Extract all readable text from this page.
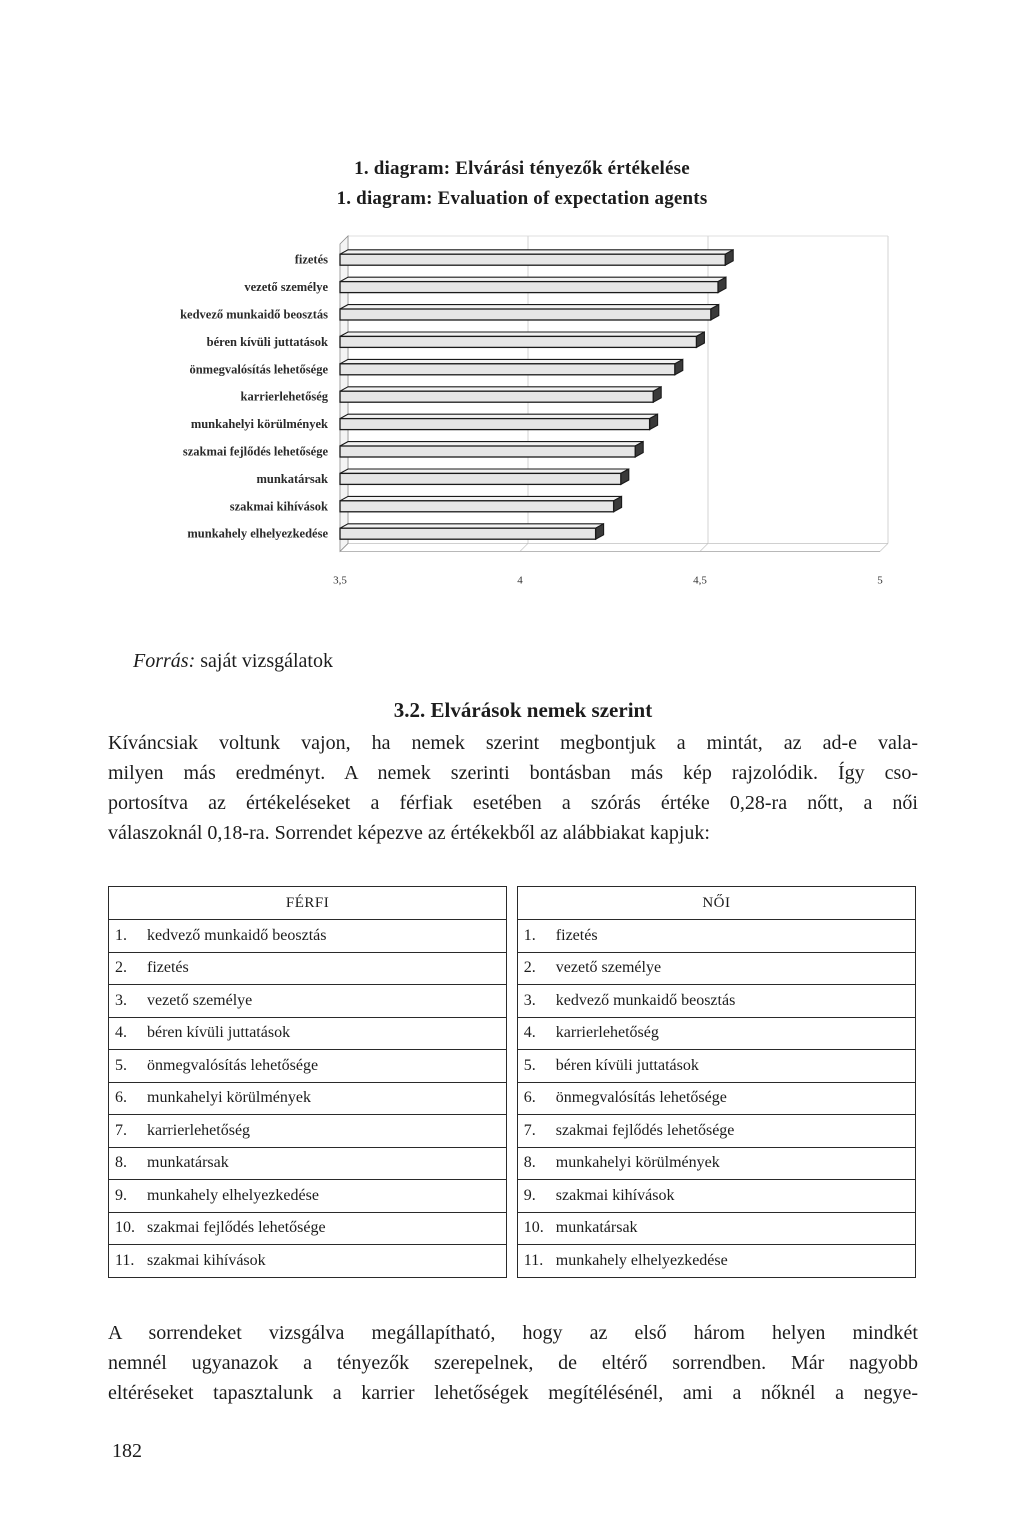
1. diagram: Elvárási tényezők értékelése
1. diagram: Evaluation of expectation agents
fizetés
vezető személye
kedvező munkaidő beosztás
béren kívüli juttatások
önmegvalósítás lehetősége
karrierlehetőség
munkahelyi körülmények
szakmai fejlődés lehetősége
munkatársak
szakmai kihívások
munkahely elhelyezkedése
3,5	4	4,5	5
Forrás: saját vizsgálatok
3.2. Elvárások nemek szerint
Kíváncsiak voltunk vajon, ha nemek szerint megbontjuk a mintát, az ad-e vala-
milyen más eredményt. A nemek szerinti bontásban más kép rajzolódik. Így cso-
portosítva az értékeléseket a férfiak esetében a szórás értéke 0,28-ra nőtt, a női
válaszoknál 0,18-ra. Sorrendet képezve az értékekből az alábbiakat kapjuk:
FÉRFI		NŐI
1. kedvező munkaidő beosztás		1. fizetés
2. fizetés		2. vezető személye
3. vezető személye		3. kedvező munkaidő beosztás
4. béren kívüli juttatások		4. karrierlehetőség
5. önmegvalósítás lehetősége		5. béren kívüli juttatások
6. munkahelyi körülmények		6. önmegvalósítás lehetősége
7. karrierlehetőség		7. szakmai fejlődés lehetősége
8. munkatársak		8. munkahelyi körülmények
9. munkahely elhelyezkedése		9. szakmai kihívások
10. szakmai fejlődés lehetősége		10. munkatársak
11. szakmai kihívások		11. munkahely elhelyezkedése
A sorrendeket vizsgálva megállapítható, hogy az első három helyen mindkét
nemnél ugyanazok a tényezők szerepelnek, de eltérő sorrendben. Már nagyobb
eltéréseket tapasztalunk a karrier lehetőségek megítélésénél, ami a nőknél a negye-
182
